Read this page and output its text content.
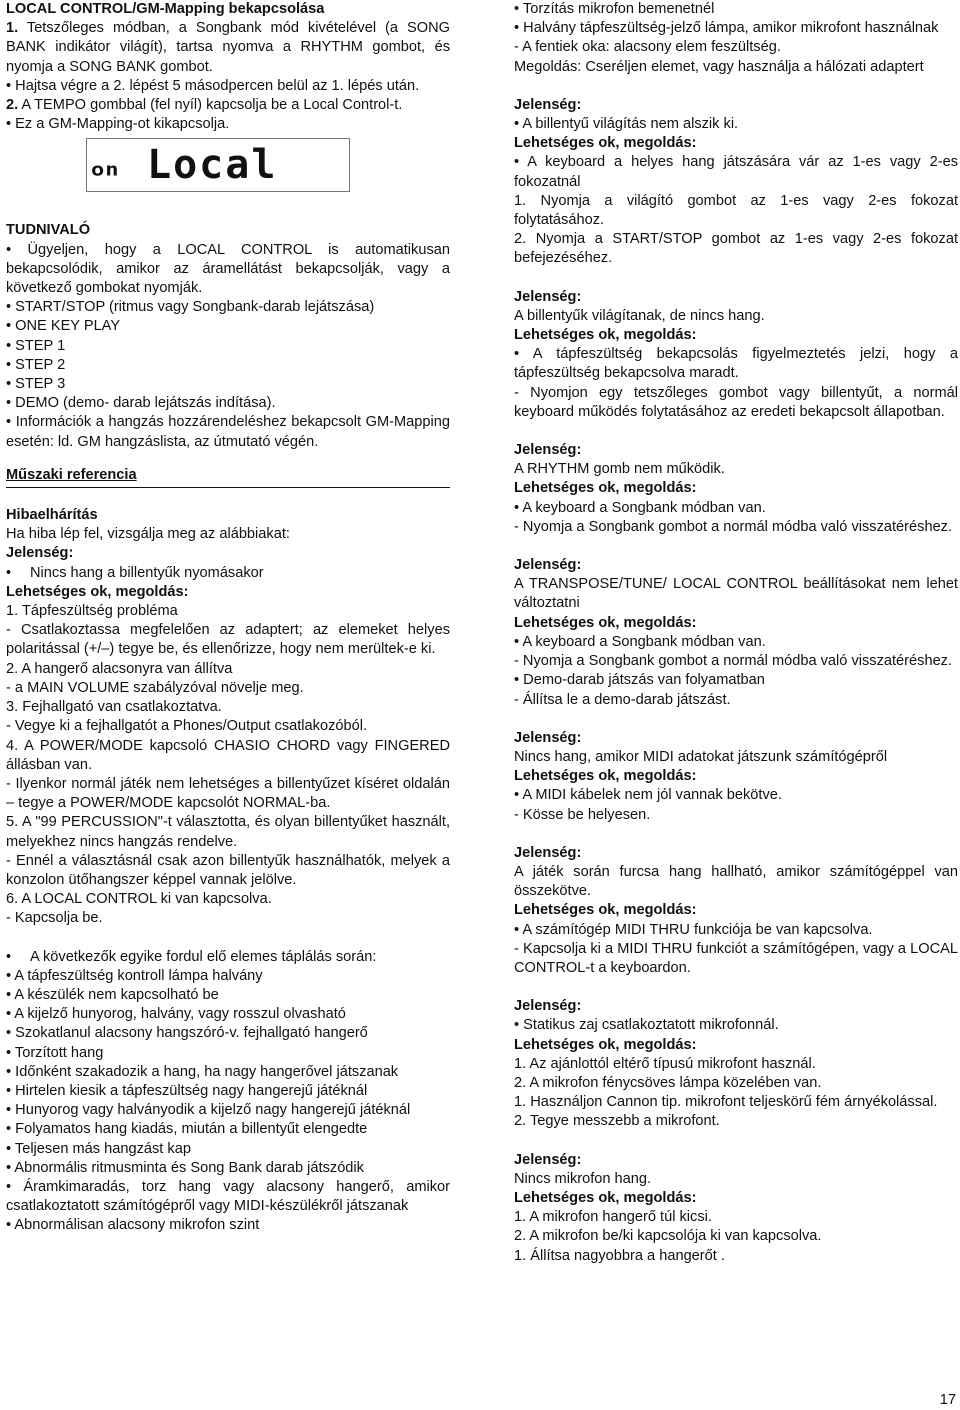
LOCAL CONTROL/GM-Mapping bekapcsolása

1. Tetszőleges módban, a Songbank mód kivételével (a SONG BANK indikátor világít), tartsa nyomva a RHYTHM gombot, és nyomja a SONG BANK gombot.

• Hajtsa végre a 2. lépést 5 másodpercen belül az 1. lépés után.

2. A TEMPO gombbal (fel nyíl) kapcsolja be a Local Control-t.

• Ez a GM-Mapping-ot kikapcsolja.

on Local

TUDNIVALÓ

• Ügyeljen, hogy a LOCAL CONTROL is automatikusan bekapcsolódik, amikor az áramellátást bekapcsolják, vagy a következő gombokat nyomják.

• START/STOP (ritmus vagy Songbank-darab lejátszása)

• ONE KEY PLAY

• STEP 1

• STEP 2

• STEP 3

• DEMO (demo- darab lejátszás indítása).

• Információk a hangzás hozzárendeléshez bekapcsolt GM-Mapping esetén: ld. GM hangzáslista, az útmutató végén.

Műszaki referencia

Hibaelhárítás

Ha hiba lép fel, vizsgálja meg az alábbiakat:

Jelenség:

• Nincs hang a billentyűk nyomásakor

Lehetséges ok, megoldás:

1. Tápfeszültség probléma

- Csatlakoztassa megfelelően az adaptert; az elemeket helyes polaritással (+/–) tegye be, és ellenőrizze, hogy nem merültek-e ki.

2. A hangerő alacsonyra van állítva

- a MAIN VOLUME szabályzóval növelje meg.

3. Fejhallgató van csatlakoztatva.

- Vegye ki a fejhallgatót a Phones/Output csatlakozóból.

4. A POWER/MODE kapcsoló CHASIO CHORD vagy FINGERED állásban van.

- Ilyenkor normál játék nem lehetséges a billentyűzet kíséret oldalán – tegye a POWER/MODE kapcsolót NORMAL-ba.

5. A "99 PERCUSSION"-t választotta, és olyan billentyűket használt, melyekhez nincs hangzás rendelve.

- Ennél a választásnál csak azon billentyűk használhatók, melyek a konzolon ütőhangszer képpel vannak jelölve.

6. A LOCAL CONTROL ki van kapcsolva.

- Kapcsolja be.

• A következők egyike fordul elő elemes táplálás során:

• A tápfeszültség kontroll lámpa halvány

• A készülék nem kapcsolható be

• A kijelző hunyorog, halvány, vagy rosszul olvasható

• Szokatlanul alacsony hangszóró-v. fejhallgató hangerő

• Torzított hang

• Időnként szakadozik a hang, ha nagy hangerővel játszanak

• Hirtelen kiesik a tápfeszültség nagy hangerejű játéknál

• Hunyorog vagy halványodik a kijelző nagy hangerejű játéknál

• Folyamatos hang kiadás, miután a billentyűt elengedte

• Teljesen más hangzást kap

• Abnormális ritmusminta és Song Bank darab játszódik

• Áramkimaradás, torz hang vagy alacsony hangerő, amikor csatlakoztatott számítógépről vagy MIDI-készülékről játszanak

• Abnormálisan alacsony mikrofon szint

• Torzítás mikrofon bemenetnél

• Halvány tápfeszültség-jelző lámpa, amikor mikrofont használnak

- A fentiek oka: alacsony elem feszültség.

Megoldás: Cseréljen elemet, vagy használja a hálózati adaptert

Jelenség:

• A billentyű világítás nem alszik ki.

Lehetséges ok, megoldás:

• A keyboard a helyes hang játszására vár az 1-es vagy 2-es fokozatnál

1. Nyomja a világító gombot az 1-es vagy 2-es fokozat folytatásához.

2. Nyomja a START/STOP gombot az 1-es vagy 2-es fokozat befejezéséhez.

Jelenség:

A billentyűk világítanak, de nincs hang.

Lehetséges ok, megoldás:

• A tápfeszültség bekapcsolás figyelmeztetés jelzi, hogy a tápfeszültség bekapcsolva maradt.

- Nyomjon egy tetszőleges gombot vagy billentyűt, a normál keyboard működés folytatásához az eredeti bekapcsolt állapotban.

Jelenség:

A RHYTHM gomb nem működik.

Lehetséges ok, megoldás:

• A keyboard a Songbank módban van.

- Nyomja a Songbank gombot a normál módba való visszatéréshez.

Jelenség:

A TRANSPOSE/TUNE/ LOCAL CONTROL beállításokat nem lehet változtatni

Lehetséges ok, megoldás:

• A keyboard a Songbank módban van.

- Nyomja a Songbank gombot a normál módba való visszatéréshez.

• Demo-darab játszás van folyamatban

- Állítsa le a demo-darab játszást.

Jelenség:

Nincs hang, amikor MIDI adatokat játszunk számítógépről

Lehetséges ok, megoldás:

• A MIDI kábelek nem jól vannak bekötve.

- Kösse be helyesen.

Jelenség:

A játék során furcsa hang hallható, amikor számítógéppel van összekötve.

Lehetséges ok, megoldás:

• A számítógép MIDI THRU funkciója be van kapcsolva.

- Kapcsolja ki a MIDI THRU funkciót a számítógépen, vagy a LOCAL CONTROL-t a keyboardon.

Jelenség:

• Statikus zaj csatlakoztatott mikrofonnál.

Lehetséges ok, megoldás:

1. Az ajánlottól eltérő típusú mikrofont használ.

2. A mikrofon fénycsöves lámpa közelében van.

1. Használjon Cannon tip. mikrofont teljeskörű fém árnyékolással.

2. Tegye messzebb a mikrofont.

Jelenség:

Nincs mikrofon hang.

Lehetséges ok, megoldás:

1. A mikrofon hangerő túl kicsi.

2. A mikrofon be/ki kapcsolója ki van kapcsolva.

1. Állítsa nagyobbra a hangerőt .

17
